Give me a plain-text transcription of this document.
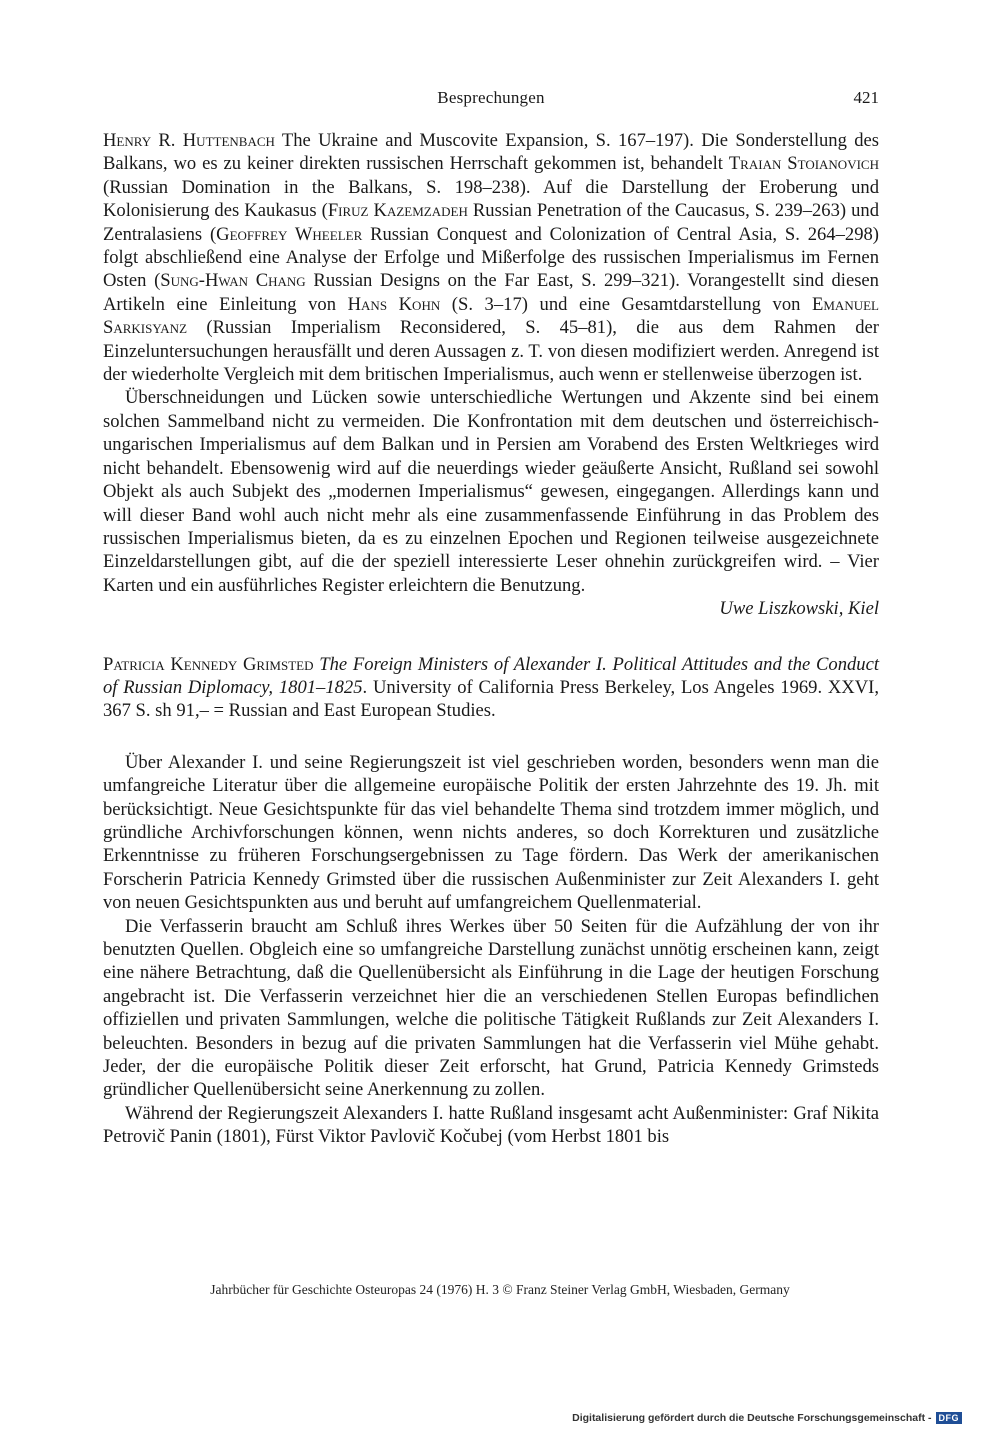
Besprechungen	421

Henry R. Huttenbach The Ukraine and Muscovite Expansion, S. 167–197). Die Sonderstellung des Balkans, wo es zu keiner direkten russischen Herrschaft gekommen ist, behandelt Traian Stoianovich (Russian Domination in the Balkans, S. 198–238). Auf die Darstellung der Eroberung und Kolonisierung des Kaukasus (Firuz Kazemzadeh Russian Penetration of the Caucasus, S. 239–263) und Zentralasiens (Geoffrey Wheeler Russian Conquest and Colonization of Central Asia, S. 264–298) folgt abschließend eine Analyse der Erfolge und Mißerfolge des russischen Imperialismus im Fernen Osten (Sung-Hwan Chang Russian Designs on the Far East, S. 299–321). Vorangestellt sind diesen Artikeln eine Einleitung von Hans Kohn (S. 3–17) und eine Gesamtdarstellung von Emanuel Sarkisyanz (Russian Imperialism Reconsidered, S. 45–81), die aus dem Rahmen der Einzeluntersuchungen herausfällt und deren Aussagen z. T. von diesen modifiziert werden. Anregend ist der wiederholte Vergleich mit dem britischen Imperialismus, auch wenn er stellenweise überzogen ist.

Überschneidungen und Lücken sowie unterschiedliche Wertungen und Akzente sind bei einem solchen Sammelband nicht zu vermeiden. Die Konfrontation mit dem deutschen und österreichisch-ungarischen Imperialismus auf dem Balkan und in Persien am Vorabend des Ersten Weltkrieges wird nicht behandelt. Ebensowenig wird auf die neuerdings wieder geäußerte Ansicht, Rußland sei sowohl Objekt als auch Subjekt des „modernen Imperialismus“ gewesen, eingegangen. Allerdings kann und will dieser Band wohl auch nicht mehr als eine zusammenfassende Einführung in das Problem des russischen Imperialismus bieten, da es zu einzelnen Epochen und Regionen teilweise ausgezeichnete Einzeldarstellungen gibt, auf die der speziell interessierte Leser ohnehin zurückgreifen wird. – Vier Karten und ein ausführliches Register erleichtern die Benutzung.

Uwe Liszkowski, Kiel

Patricia Kennedy Grimsted The Foreign Ministers of Alexander I. Political Attitudes and the Conduct of Russian Diplomacy, 1801–1825. University of California Press Berkeley, Los Angeles 1969. XXVI, 367 S. sh 91,– = Russian and East European Studies.

Über Alexander I. und seine Regierungszeit ist viel geschrieben worden, besonders wenn man die umfangreiche Literatur über die allgemeine europäische Politik der ersten Jahrzehnte des 19. Jh. mit berücksichtigt. Neue Gesichtspunkte für das viel behandelte Thema sind trotzdem immer möglich, und gründliche Archivforschungen können, wenn nichts anderes, so doch Korrekturen und zusätzliche Erkenntnisse zu früheren Forschungsergebnissen zu Tage fördern. Das Werk der amerikanischen Forscherin Patricia Kennedy Grimsted über die russischen Außenminister zur Zeit Alexanders I. geht von neuen Gesichtspunkten aus und beruht auf umfangreichem Quellenmaterial.

Die Verfasserin braucht am Schluß ihres Werkes über 50 Seiten für die Aufzählung der von ihr benutzten Quellen. Obgleich eine so umfangreiche Darstellung zunächst unnötig erscheinen kann, zeigt eine nähere Betrachtung, daß die Quellenübersicht als Einführung in die Lage der heutigen Forschung angebracht ist. Die Verfasserin verzeichnet hier die an verschiedenen Stellen Europas befindlichen offiziellen und privaten Sammlungen, welche die politische Tätigkeit Rußlands zur Zeit Alexanders I. beleuchten. Besonders in bezug auf die privaten Sammlungen hat die Verfasserin viel Mühe gehabt. Jeder, der die europäische Politik dieser Zeit erforscht, hat Grund, Patricia Kennedy Grimsteds gründlicher Quellenübersicht seine Anerkennung zu zollen.

Während der Regierungszeit Alexanders I. hatte Rußland insgesamt acht Außenminister: Graf Nikita Petrovič Panin (1801), Fürst Viktor Pavlovič Kočubej (vom Herbst 1801 bis

Jahrbücher für Geschichte Osteuropas 24 (1976) H. 3 © Franz Steiner Verlag GmbH, Wiesbaden, Germany
Digitalisierung gefördert durch die Deutsche Forschungsgemeinschaft - DFG
